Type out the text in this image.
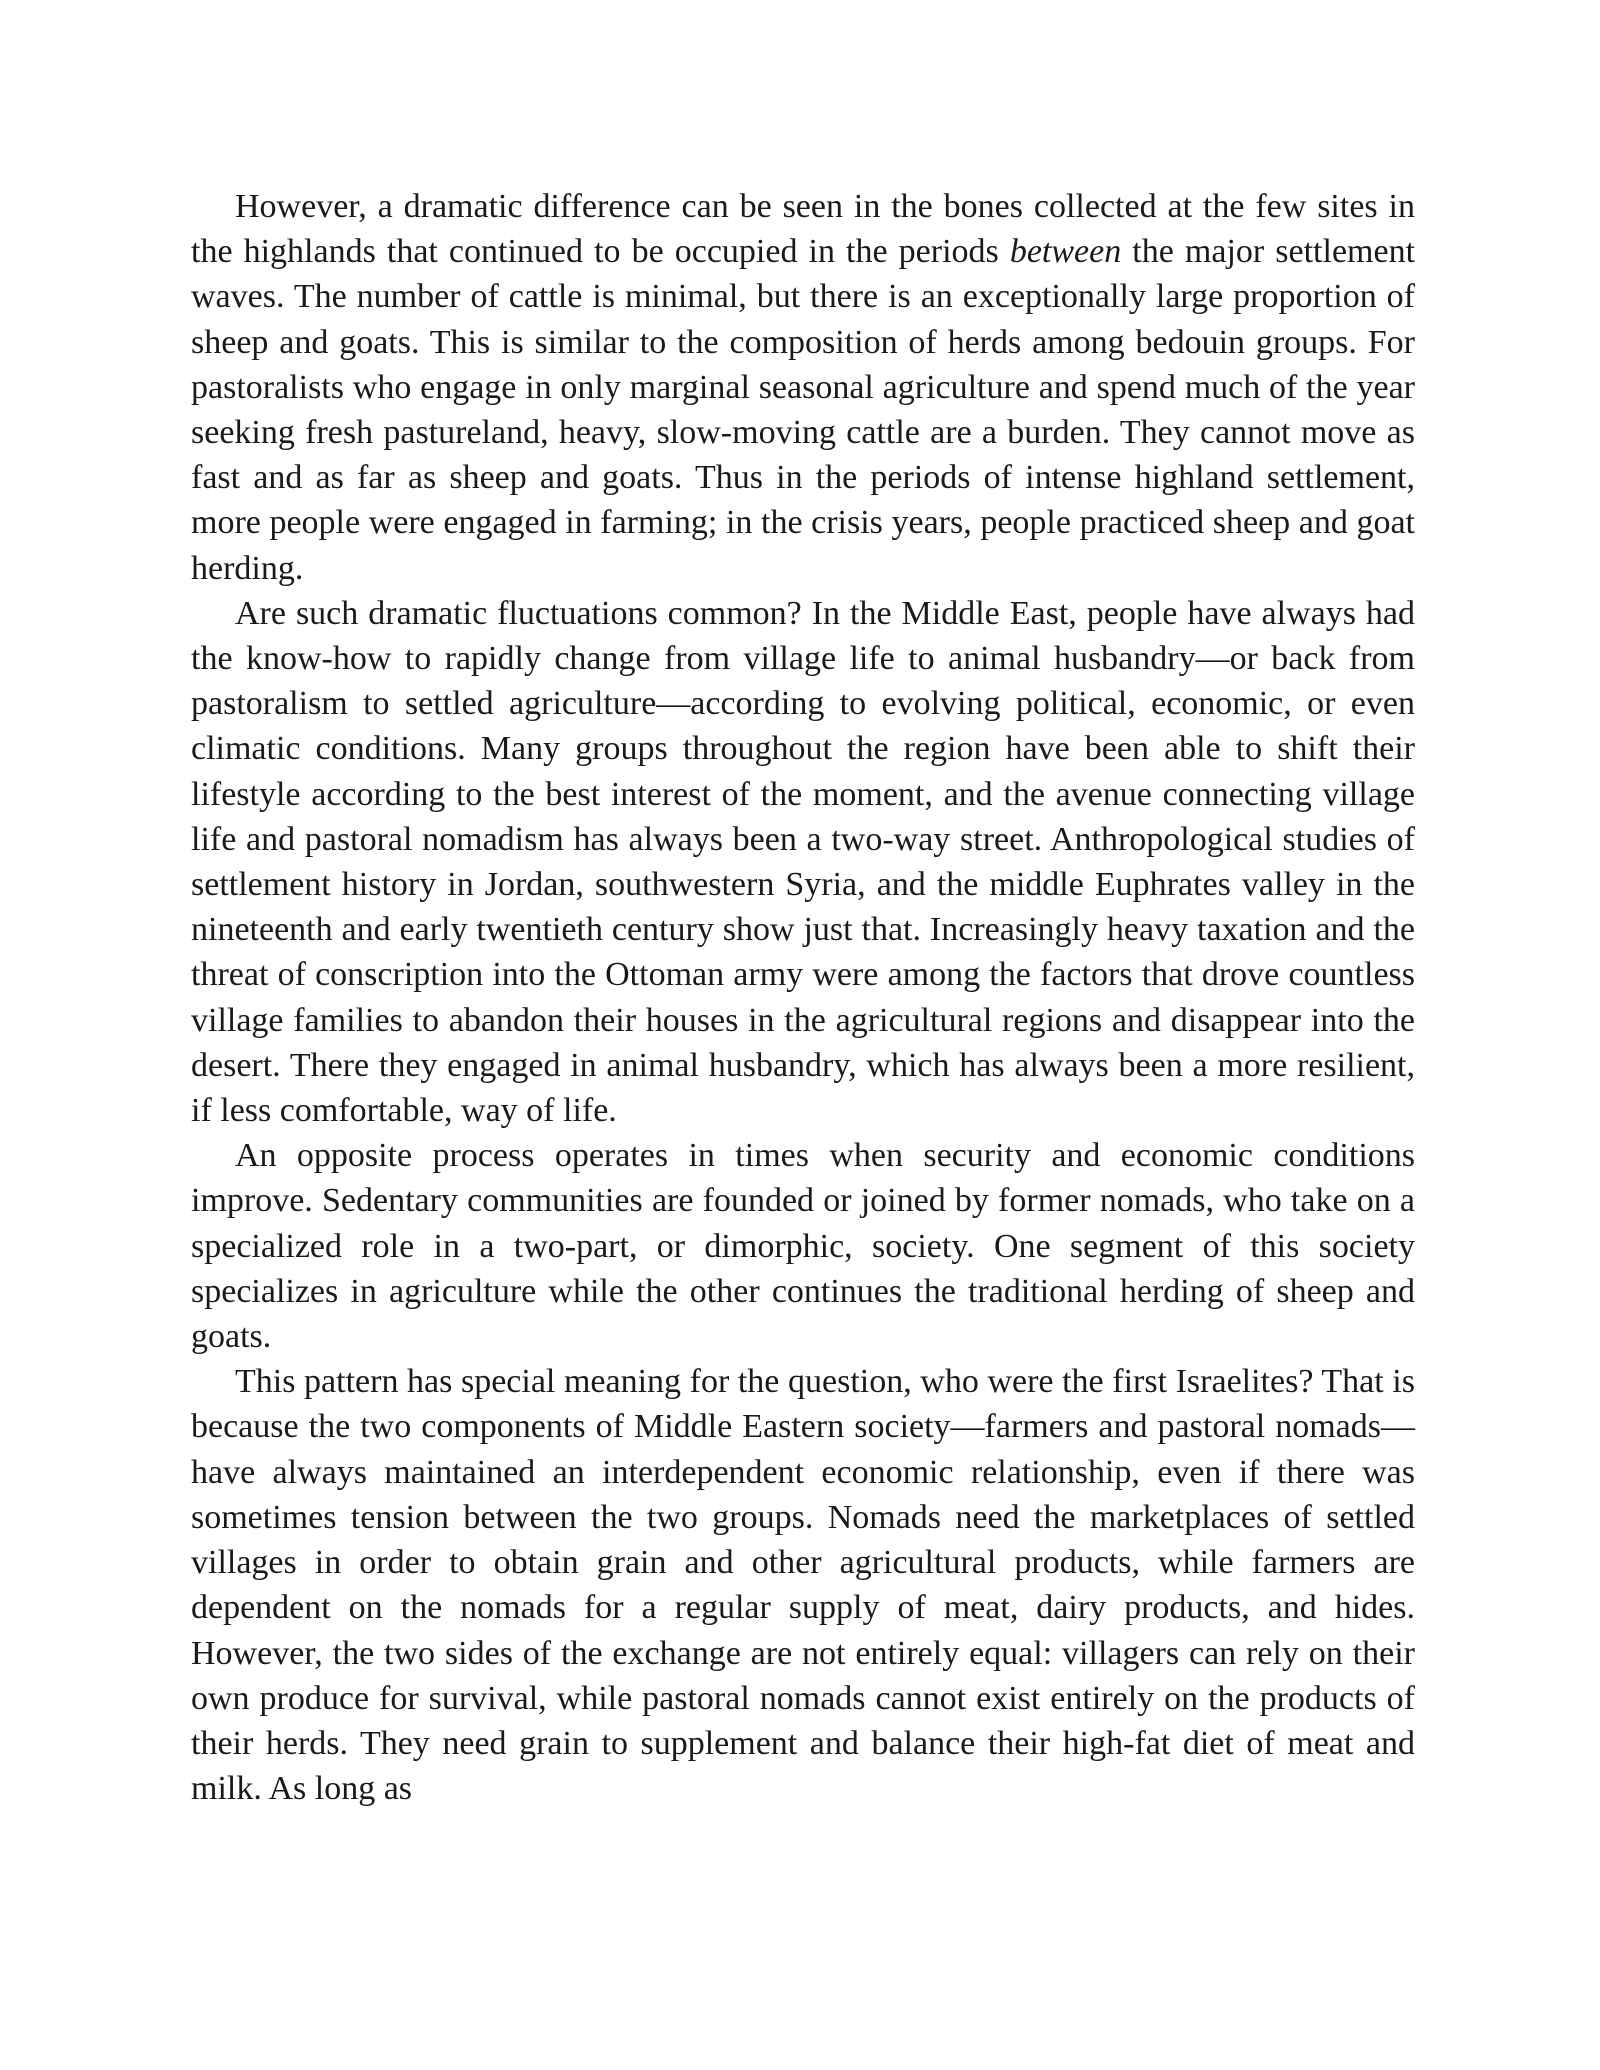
However, a dramatic difference can be seen in the bones collected at the few sites in the highlands that continued to be occupied in the periods between the major settlement waves. The number of cattle is minimal, but there is an exceptionally large proportion of sheep and goats. This is similar to the composition of herds among bedouin groups. For pastoralists who engage in only marginal seasonal agriculture and spend much of the year seeking fresh pastureland, heavy, slow-moving cattle are a burden. They cannot move as fast and as far as sheep and goats. Thus in the periods of intense highland settlement, more people were engaged in farming; in the crisis years, people practiced sheep and goat herding.

Are such dramatic fluctuations common? In the Middle East, people have always had the know-how to rapidly change from village life to animal husbandry—or back from pastoralism to settled agriculture—according to evolving political, economic, or even climatic conditions. Many groups throughout the region have been able to shift their lifestyle according to the best interest of the moment, and the avenue connecting village life and pastoral nomadism has always been a two-way street. Anthropological studies of settlement history in Jordan, southwestern Syria, and the middle Euphrates valley in the nineteenth and early twentieth century show just that. Increasingly heavy taxation and the threat of conscription into the Ottoman army were among the factors that drove countless village families to abandon their houses in the agricultural regions and disappear into the desert. There they engaged in animal husbandry, which has always been a more resilient, if less comfortable, way of life.

An opposite process operates in times when security and economic conditions improve. Sedentary communities are founded or joined by former nomads, who take on a specialized role in a two-part, or dimorphic, society. One segment of this society specializes in agriculture while the other continues the traditional herding of sheep and goats.

This pattern has special meaning for the question, who were the first Israelites? That is because the two components of Middle Eastern society—farmers and pastoral nomads—have always maintained an interdependent economic relationship, even if there was sometimes tension between the two groups. Nomads need the marketplaces of settled villages in order to obtain grain and other agricultural products, while farmers are dependent on the nomads for a regular supply of meat, dairy products, and hides. However, the two sides of the exchange are not entirely equal: villagers can rely on their own produce for survival, while pastoral nomads cannot exist entirely on the products of their herds. They need grain to supplement and balance their high-fat diet of meat and milk. As long as
